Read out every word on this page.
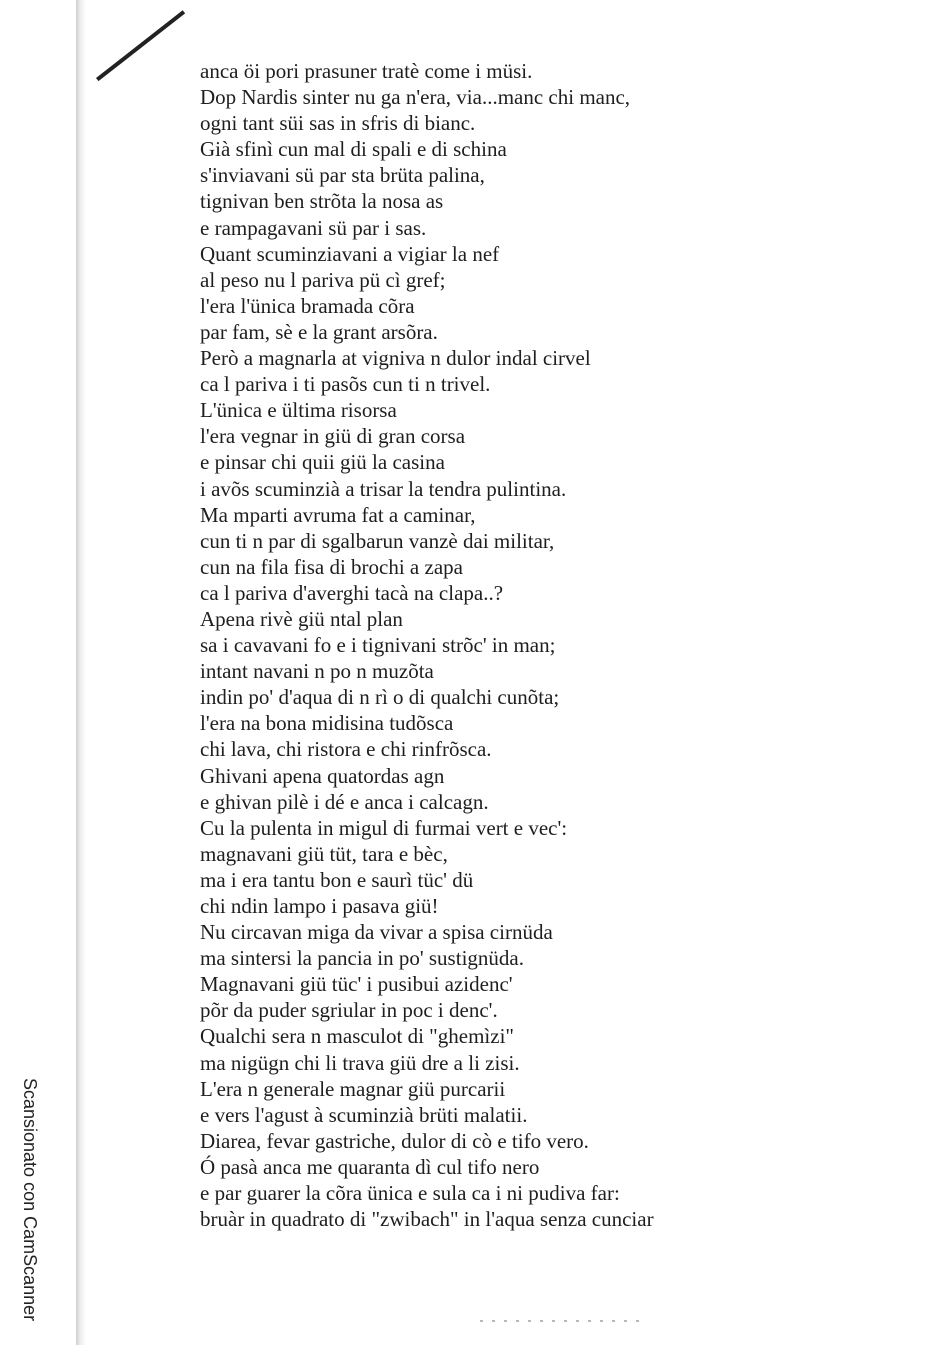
anca öi pori prasuner tratè come i müsi.
Dop Nardis sinter nu ga n'era, via...manc chi manc,
ogni tant süi sas in sfris di bianc.
Già sfinì cun mal di spali e di schina
s'inviavani sü par sta brüta palina,
tignivan ben strõta la nosa as
e rampagavani sü par i sas.
Quant scuminziavani a vigiar la nef
al peso nu l pariva pü cì gref;
l'era l'ünica bramada cõra
par fam, sè e la grant arsõra.
Però a magnarla at vigniva n dulor indal cirvel
ca l pariva i ti pasõs cun ti n trivel.
L'ünica e ültima risorsa
l'era vegnar in giü di gran corsa
e pinsar chi quii giü la casina
i avõs scuminzià a trisar la tendra pulintina.
Ma mparti avruma fat a caminar,
cun ti n par di sgalbarun vanzè dai militar,
cun na fila fisa di brochi a zapa
ca l pariva d'averghi tacà na clapa..?
Apena rivè giü ntal plan
sa i cavavani fo e i tignivani strõc' in man;
intant navani n po n muzõta
indin po' d'aqua di n rì o di qualchi cunõta;
l'era na bona midisina tudõsca
chi lava, chi ristora e chi rinfrõsca.
Ghivani apena quatordas agn
e ghivan pilè i dé e anca i calcagn.
Cu la pulenta in migul di furmai vert e vec':
magnavani giü tüt, tara e bèc,
ma i era tantu bon e saurì tüc' dü
chi ndin lampo i pasava giü!
Nu circavan miga da vivar a spisa cirnüda
ma sintersi la pancia in po' sustignüda.
Magnavani giü tüc' i pusibui azidenc'
põr da puder sgriular in poc i denc'.
Qualchi sera n masculot di "ghemìzi"
ma nigügn chi li trava giü dre a li zisi.
L'era n generale magnar giü purcarii
e vers l'agust à scuminzià brüti malatii.
Diarea, fevar gastriche, dulor di cò e tifo vero.
Ó pasà anca me quaranta dì cul tifo nero
e par guarer la cõra ünica e sula ca i ni pudiva far:
bruàr in quadrato di "zwibach" in l'aqua senza cunciar
Scansionato con CamScanner
